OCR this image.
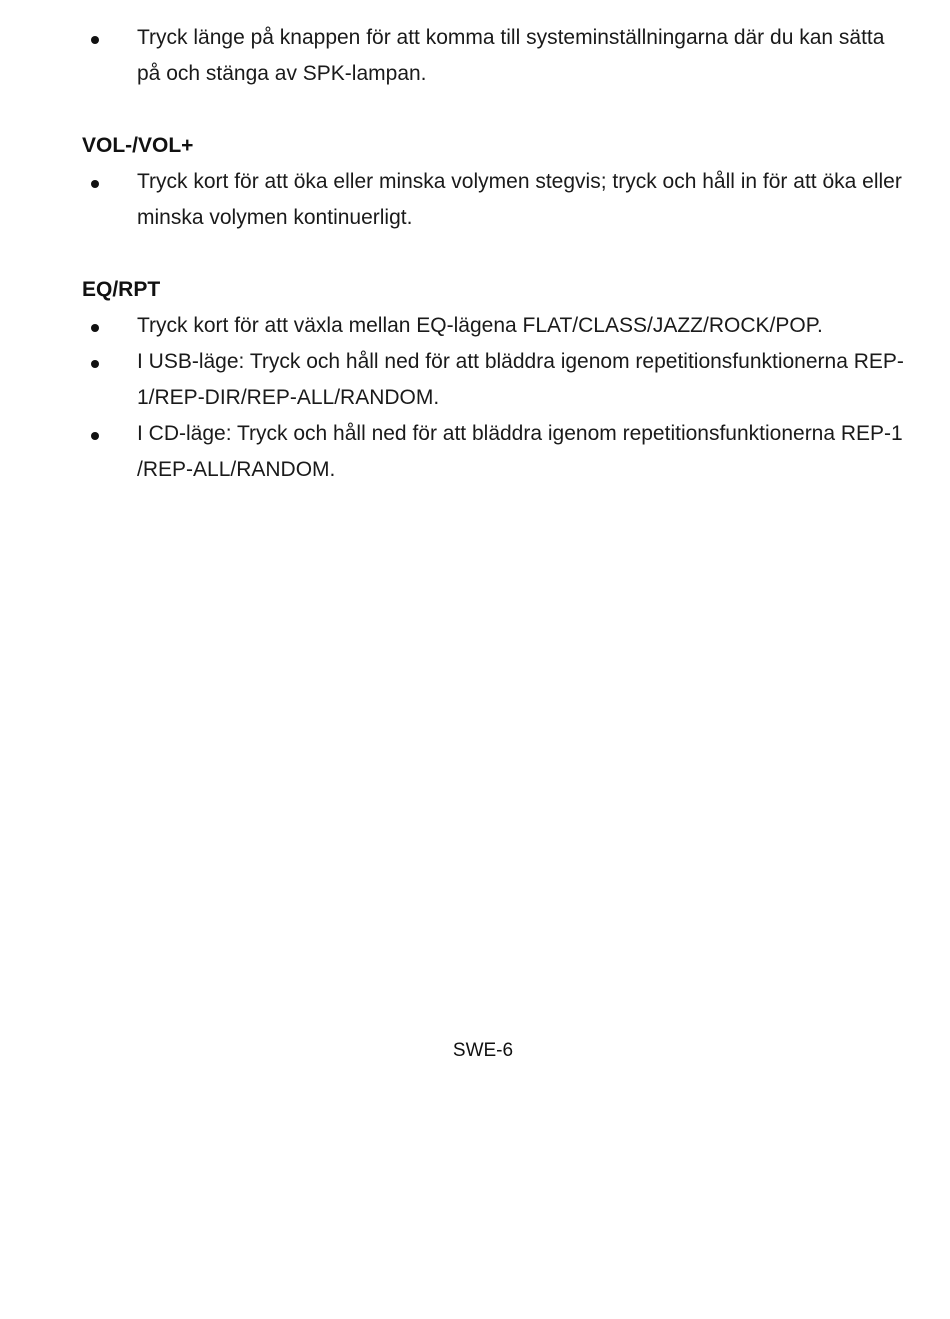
Tryck länge på knappen för att komma till systeminställningarna där du kan sätta på och stänga av SPK-lampan.
VOL-/VOL+
Tryck kort för att öka eller minska volymen stegvis; tryck och håll in för att öka eller minska volymen kontinuerligt.
EQ/RPT
Tryck kort för att växla mellan EQ-lägena FLAT/CLASS/JAZZ/ROCK/POP.
I USB-läge: Tryck och håll ned för att bläddra igenom repetitionsfunktionerna REP-1/REP-DIR/REP-ALL/RANDOM.
I CD-läge: Tryck och håll ned för att bläddra igenom repetitionsfunktionerna REP-1 /REP-ALL/RANDOM.
SWE-6
